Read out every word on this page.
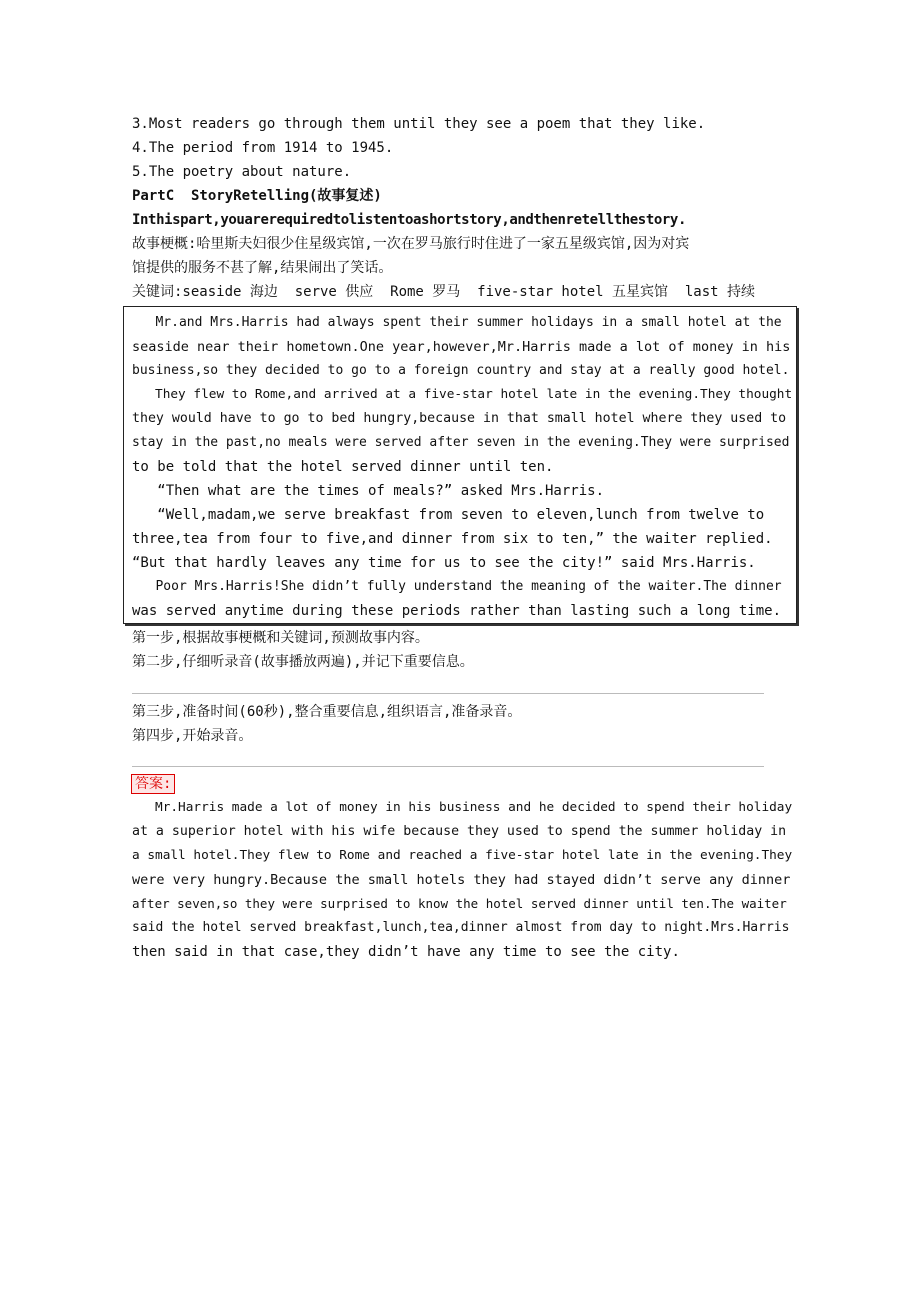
3.Most readers go through them until they see a poem that they like.
4.The period from 1914 to 1945.
5.The poetry about nature.
PartC  StoryRetelling(故事复述)
Inthispart,youarerequiredtolistentoashortstory,andthenretellthestory.
故事梗概:哈里斯夫妇很少住星级宾馆,一次在罗马旅行时住进了一家五星级宾馆,因为对宾
馆提供的服务不甚了解,结果闹出了笑话。
关键词:seaside 海边  serve 供应  Rome 罗马  five-star hotel 五星宾馆  last 持续
Mr.and Mrs.Harris had always spent their summer holidays in a small hotel at the
seaside near their hometown.One year,however,Mr.Harris made a lot of money in his
business,so they decided to go to a foreign country and stay at a really good hotel.
They flew to Rome,and arrived at a five-star hotel late in the evening.They thought
they would have to go to bed hungry,because in that small hotel where they used to
stay in the past,no meals were served after seven in the evening.They were surprised
to be told that the hotel served dinner until ten.
“Then what are the times of meals?” asked Mrs.Harris.
“Well,madam,we serve breakfast from seven to eleven,lunch from twelve to
three,tea from four to five,and dinner from six to ten,” the waiter replied.
“But that hardly leaves any time for us to see the city!” said Mrs.Harris.
Poor Mrs.Harris!She didn’t fully understand the meaning of the waiter.The dinner
was served anytime during these periods rather than lasting such a long time.
第一步,根据故事梗概和关键词,预测故事内容。
第二步,仔细听录音(故事播放两遍),并记下重要信息。
第三步,准备时间(60秒),整合重要信息,组织语言,准备录音。
第四步,开始录音。
答案:
Mr.Harris made a lot of money in his business and he decided to spend their holiday
at a superior hotel with his wife because they used to spend the summer holiday in
a small hotel.They flew to Rome and reached a five-star hotel late in the evening.They
were very hungry.Because the small hotels they had stayed didn’t serve any dinner
after seven,so they were surprised to know the hotel served dinner until ten.The waiter
said the hotel served breakfast,lunch,tea,dinner almost from day to night.Mrs.Harris
then said in that case,they didn’t have any time to see the city.
